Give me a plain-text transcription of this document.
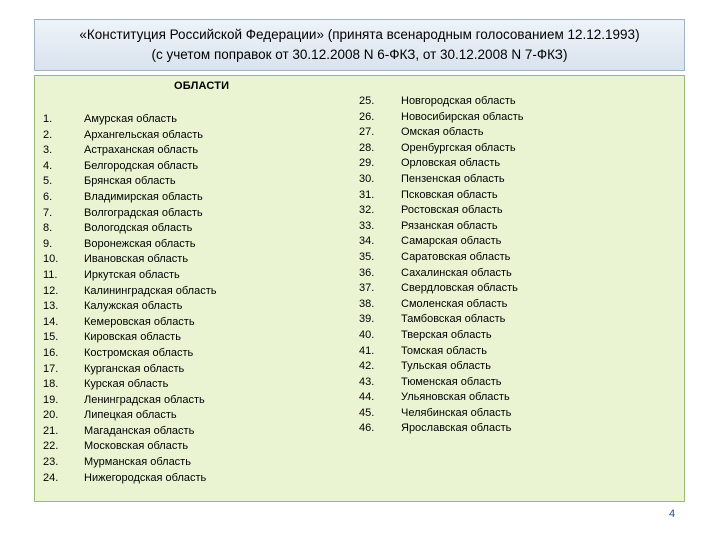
«Конституция Российской Федерации» (принята всенародным голосованием 12.12.1993)
(с учетом поправок от 30.12.2008 N 6-ФКЗ, от 30.12.2008 N 7-ФКЗ)
ОБЛАСТИ
1.	Амурская область
2.	Архангельская область
3.	Астраханская область
4.	Белгородская область
5.	Брянская область
6.	Владимирская область
7.	Волгоградская область
8.	Вологодская область
9.	Воронежская область
10. Ивановская область
11. Иркутская область
12. Калининградская область
13. Калужская область
14. Кемеровская область
15. Кировская область
16. Костромская область
17. Курганская область
18. Курская область
19. Ленинградская область
20. Липецкая область
21. Магаданская область
22. Московская область
23. Мурманская область
24. Нижегородская область
25. Новгородская область
26. Новосибирская область
27. Омская область
28. Оренбургская область
29. Орловская область
30. Пензенская область
31. Псковская область
32. Ростовская область
33. Рязанская область
34. Самарская область
35. Саратовская область
36. Сахалинская область
37. Свердловская область
38. Смоленская область
39. Тамбовская область
40. Тверская область
41. Томская область
42. Тульская область
43. Тюменская область
44. Ульяновская область
45. Челябинская область
46. Ярославская область
4
